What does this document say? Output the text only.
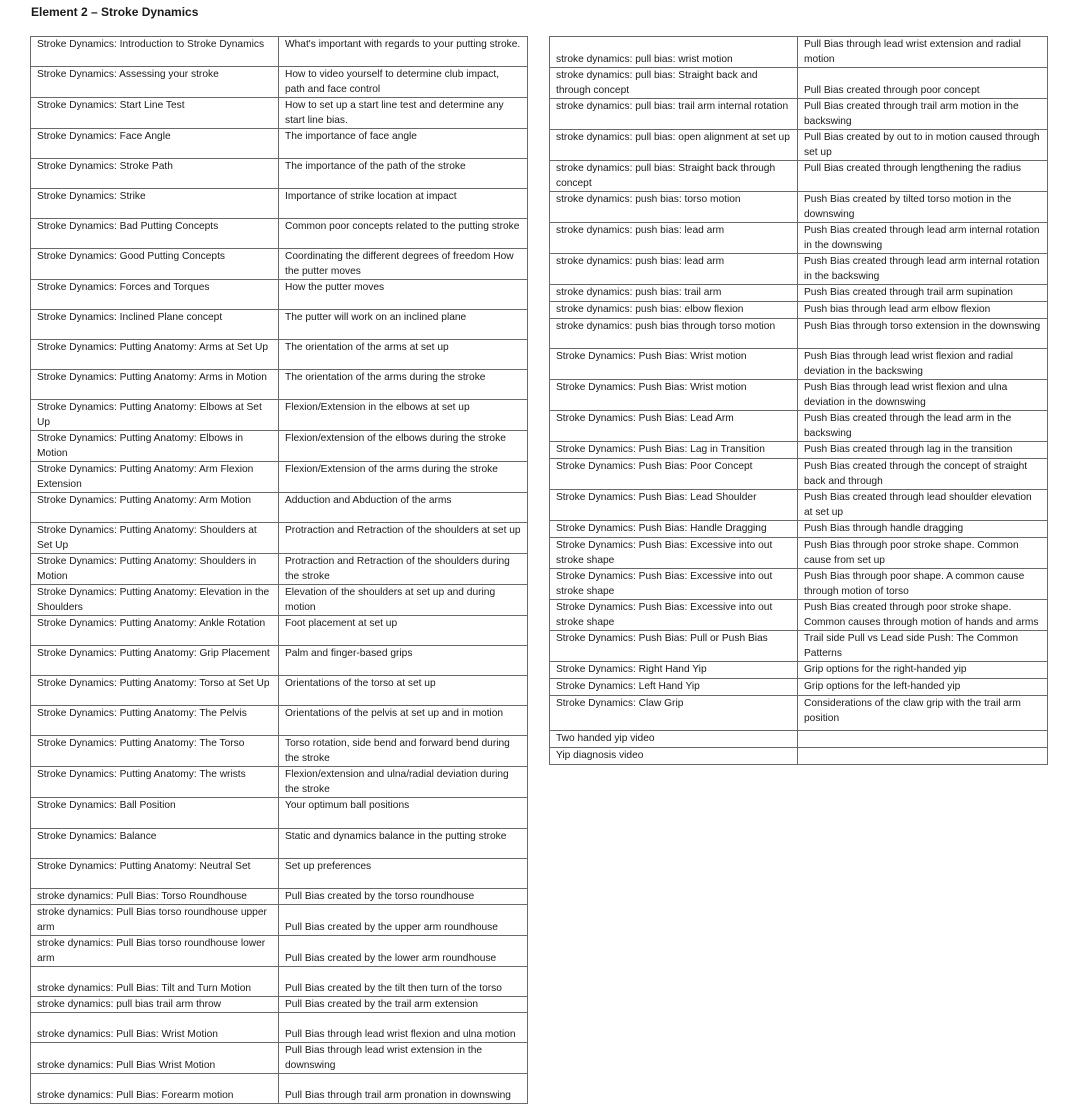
Element 2 – Stroke Dynamics
Stroke Dynamics: Introduction to Stroke Dynamics	What's important with regards to your putting stroke.
Stroke Dynamics: Assessing your stroke	How to video yourself to determine club impact, path and face control
Stroke Dynamics: Start Line Test	How to set up a start line test and determine any start line bias.
Stroke Dynamics: Face Angle	The importance of face angle
Stroke Dynamics: Stroke Path	The importance of the path of the stroke
Stroke Dynamics: Strike	Importance of strike location at impact
Stroke Dynamics: Bad Putting Concepts	Common poor concepts related to the putting stroke
Stroke Dynamics: Good Putting Concepts	Coordinating the different degrees of freedom How the putter moves
Stroke Dynamics: Forces and Torques	How the putter moves
Stroke Dynamics: Inclined Plane concept	The putter will work on an inclined plane
Stroke Dynamics: Putting Anatomy: Arms at Set Up	The orientation of the arms at set up
Stroke Dynamics: Putting Anatomy: Arms in Motion	The orientation of the arms during the stroke
Stroke Dynamics: Putting Anatomy: Elbows at Set Up	Flexion/Extension in the elbows at set up
Stroke Dynamics: Putting Anatomy: Elbows in Motion	Flexion/extension of the elbows during the stroke
Stroke Dynamics: Putting Anatomy: Arm Flexion Extension	Flexion/Extension of the arms during the stroke
Stroke Dynamics: Putting Anatomy: Arm Motion	Adduction and Abduction of the arms
Stroke Dynamics: Putting Anatomy: Shoulders at Set Up	Protraction and Retraction of the shoulders at set up
Stroke Dynamics: Putting Anatomy: Shoulders in Motion	Protraction and Retraction of the shoulders during the stroke
Stroke Dynamics: Putting Anatomy: Elevation in the Shoulders	Elevation of the shoulders at set up and during motion
Stroke Dynamics: Putting Anatomy: Ankle Rotation	Foot placement at set up
Stroke Dynamics: Putting Anatomy: Grip Placement	Palm and finger-based grips
Stroke Dynamics: Putting Anatomy: Torso at Set Up	Orientations of the torso at set up
Stroke Dynamics: Putting Anatomy: The Pelvis	Orientations of the pelvis at set up and in motion
Stroke Dynamics: Putting Anatomy: The Torso	Torso rotation, side bend and forward bend during the stroke
Stroke Dynamics: Putting Anatomy: The wrists	Flexion/extension and ulna/radial deviation during the stroke
Stroke Dynamics: Ball Position	Your optimum ball positions
Stroke Dynamics: Balance	Static and dynamics balance in the putting stroke
Stroke Dynamics: Putting Anatomy: Neutral Set	Set up preferences
stroke dynamics: Pull Bias: Torso Roundhouse	Pull Bias created by the torso roundhouse
stroke dynamics: Pull Bias torso roundhouse upper arm	Pull Bias created by the upper arm roundhouse
stroke dynamics: Pull Bias torso roundhouse lower arm	Pull Bias created by the lower arm roundhouse
stroke dynamics: Pull Bias: Tilt and Turn Motion	Pull Bias created by the tilt then turn of the torso
stroke dynamics: pull bias trail arm throw	Pull Bias created by the trail arm extension
stroke dynamics: Pull Bias: Wrist Motion	Pull Bias through lead wrist flexion and ulna motion
stroke dynamics: Pull Bias Wrist Motion	Pull Bias through lead wrist extension in the downswing
stroke dynamics: Pull Bias: Forearm motion	Pull Bias through trail arm pronation in downswing
stroke dynamics: pull bias: wrist motion	Pull Bias through lead wrist extension and radial motion
stroke dynamics: pull bias: Straight back and through concept	Pull Bias created through poor concept
stroke dynamics: pull bias: trail arm internal rotation	Pull Bias created through trail arm motion in the backswing
stroke dynamics: pull bias: open alignment at set up	Pull Bias created by out to in motion caused through set up
stroke dynamics: pull bias: Straight back through concept	Pull Bias created through lengthening the radius
stroke dynamics: push bias: torso motion	Push Bias created by tilted torso motion in the downswing
stroke dynamics: push bias: lead arm	Push Bias created through lead arm internal rotation in the downswing
stroke dynamics: push bias: lead arm	Push Bias created through lead arm internal rotation in the backswing
stroke dynamics: push bias: trail arm	Push Bias created through trail arm supination
stroke dynamics: push bias: elbow flexion	Push bias through lead arm elbow flexion
stroke dynamics: push bias through torso motion	Push Bias through torso extension in the downswing
Stroke Dynamics: Push Bias: Wrist motion	Push Bias through lead wrist flexion and radial deviation in the backswing
Stroke Dynamics: Push Bias: Wrist motion	Push Bias through lead wrist flexion and ulna deviation in the downswing
Stroke Dynamics: Push Bias: Lead Arm	Push Bias created through the lead arm in the backswing
Stroke Dynamics: Push Bias: Lag in Transition	Push Bias created through lag in the transition
Stroke Dynamics: Push Bias: Poor Concept	Push Bias created through the concept of straight back and through
Stroke Dynamics: Push Bias: Lead Shoulder	Push Bias created through lead shoulder elevation at set up
Stroke Dynamics: Push Bias: Handle Dragging	Push Bias through handle dragging
Stroke Dynamics: Push Bias: Excessive into out stroke shape	Push Bias through poor stroke shape. Common cause from set up
Stroke Dynamics: Push Bias: Excessive into out stroke shape	Push Bias through poor shape. A common cause through motion of torso
Stroke Dynamics: Push Bias: Excessive into out stroke shape	Push Bias created through poor stroke shape. Common causes through motion of hands and arms
Stroke Dynamics: Push Bias: Pull or Push Bias	Trail side Pull vs Lead side Push: The Common Patterns
Stroke Dynamics: Right Hand Yip	Grip options for the right-handed yip
Stroke Dynamics: Left Hand Yip	Grip options for the left-handed yip
Stroke Dynamics: Claw Grip	Considerations of the claw grip with the trail arm position
Two handed yip video	
Yip diagnosis video	
